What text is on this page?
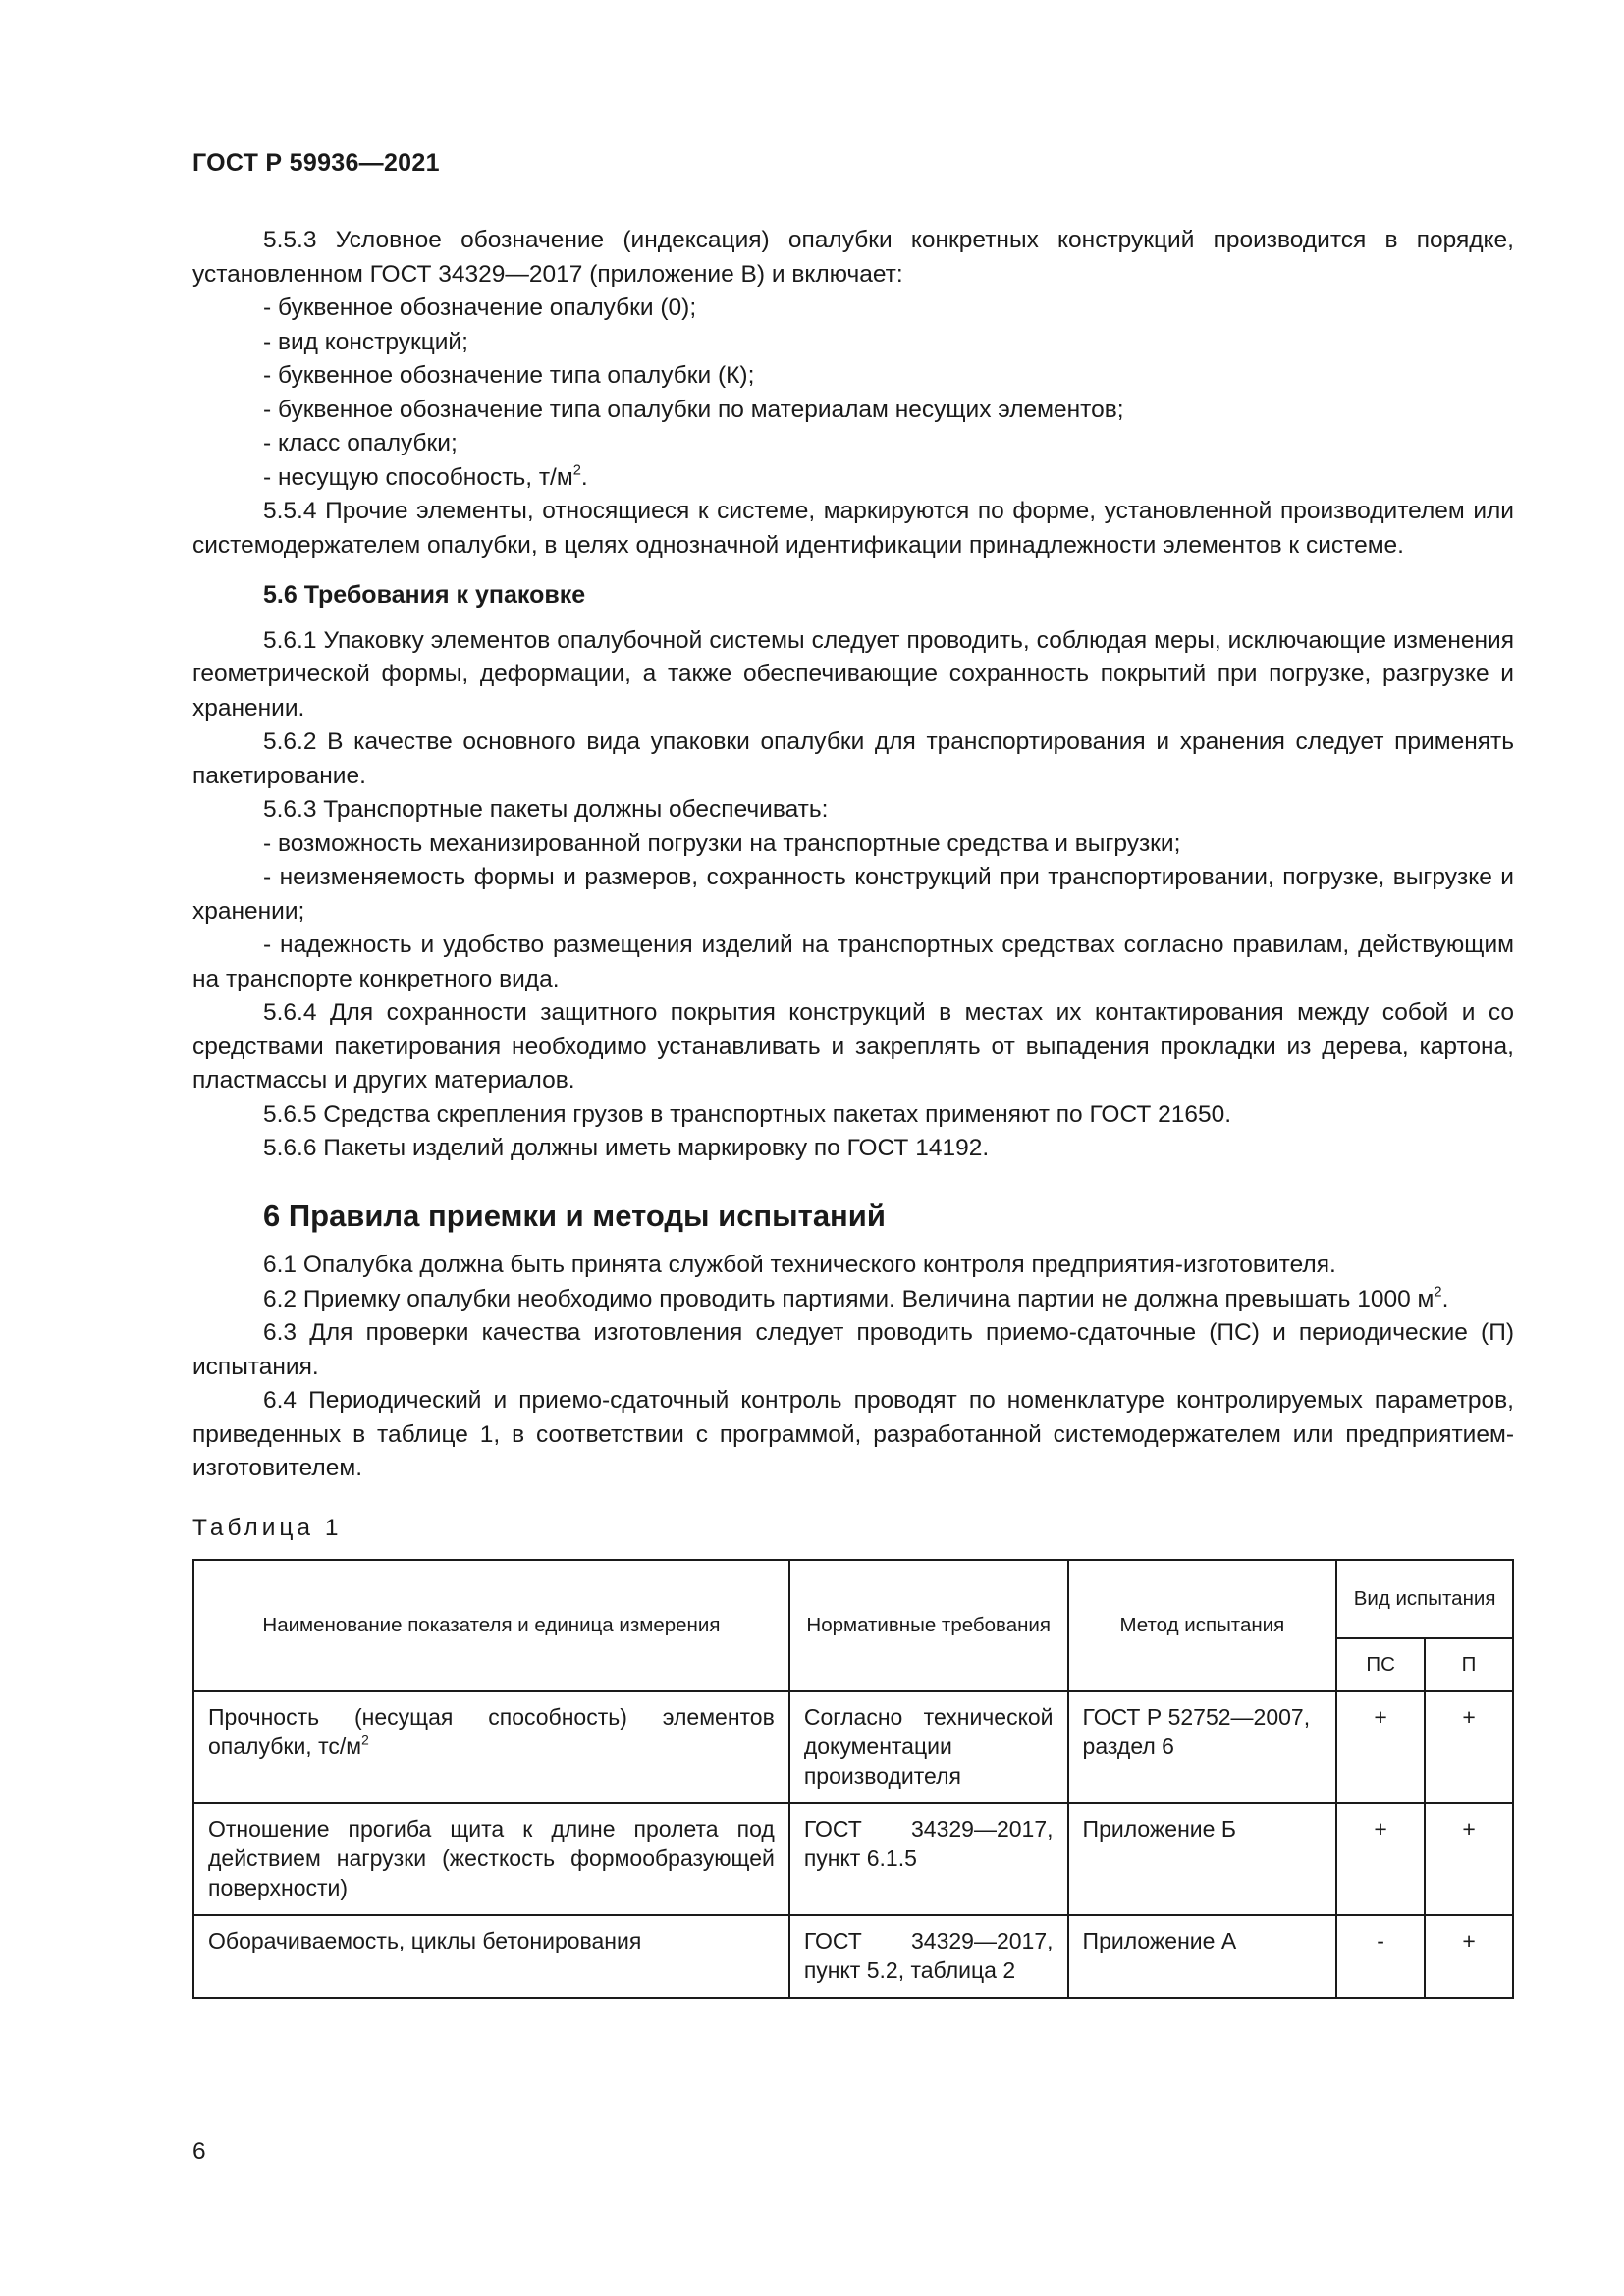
ГОСТ Р 59936—2021

5.5.3 Условное обозначение (индексация) опалубки конкретных конструкций производится в порядке, установленном ГОСТ 34329—2017 (приложение В) и включает:

- буквенное обозначение опалубки (0);

- вид конструкций;

- буквенное обозначение типа опалубки (К);

- буквенное обозначение типа опалубки по материалам несущих элементов;

- класс опалубки;

- несущую способность, $т/м^2$.

5.5.4 Прочие элементы, относящиеся к системе, маркируются по форме, установленной производителем или системодержателем опалубки, в целях однозначной идентификации принадлежности элементов к системе.

5.6 Требования к упаковке

5.6.1 Упаковку элементов опалубочной системы следует проводить, соблюдая меры, исключающие изменения геометрической формы, деформации, а также обеспечивающие сохранность покрытий при погрузке, разгрузке и хранении.

5.6.2 В качестве основного вида упаковки опалубки для транспортирования и хранения следует применять пакетирование.

5.6.3 Транспортные пакеты должны обеспечивать:

- возможность механизированной погрузки на транспортные средства и выгрузки;

- неизменяемость формы и размеров, сохранность конструкций при транспортировании, погрузке, выгрузке и хранении;

- надежность и удобство размещения изделий на транспортных средствах согласно правилам, действующим на транспорте конкретного вида.

5.6.4 Для сохранности защитного покрытия конструкций в местах их контактирования между собой и со средствами пакетирования необходимо устанавливать и закреплять от выпадения прокладки из дерева, картона, пластмассы и других материалов.

5.6.5 Средства скрепления грузов в транспортных пакетах применяют по ГОСТ 21650.

5.6.6 Пакеты изделий должны иметь маркировку по ГОСТ 14192.

6 Правила приемки и методы испытаний

6.1 Опалубка должна быть принята службой технического контроля предприятия-изготовителя.

6.2 Приемку опалубки необходимо проводить партиями. Величина партии не должна превышать 1000 $м^2$.

6.3 Для проверки качества изготовления следует проводить приемо-сдаточные (ПС) и периодические (П) испытания.

6.4 Периодический и приемо-сдаточный контроль проводят по номенклатуре контролируемых параметров, приведенных в таблице 1, в соответствии с программой, разработанной системодержателем или предприятием-изготовителем.

Таблица 1

Наименование показателя и единица измерения	Нормативные требования	Метод испытания	Вид испытания	
			ПС	П
Прочность (несущая способность) элементов опалубки, $тс/м^2$	Согласно технической документации производителя	ГОСТ Р 52752—2007, раздел 6	+	+
Отношение прогиба щита к длине пролета под действием нагрузки (жесткость формообразующей поверхности)	ГОСТ 34329—2017, пункт 6.1.5	Приложение Б	+	+
Оборачиваемость, циклы бетонирования	ГОСТ 34329—2017, пункт 5.2, таблица 2	Приложение А	-	+
6
